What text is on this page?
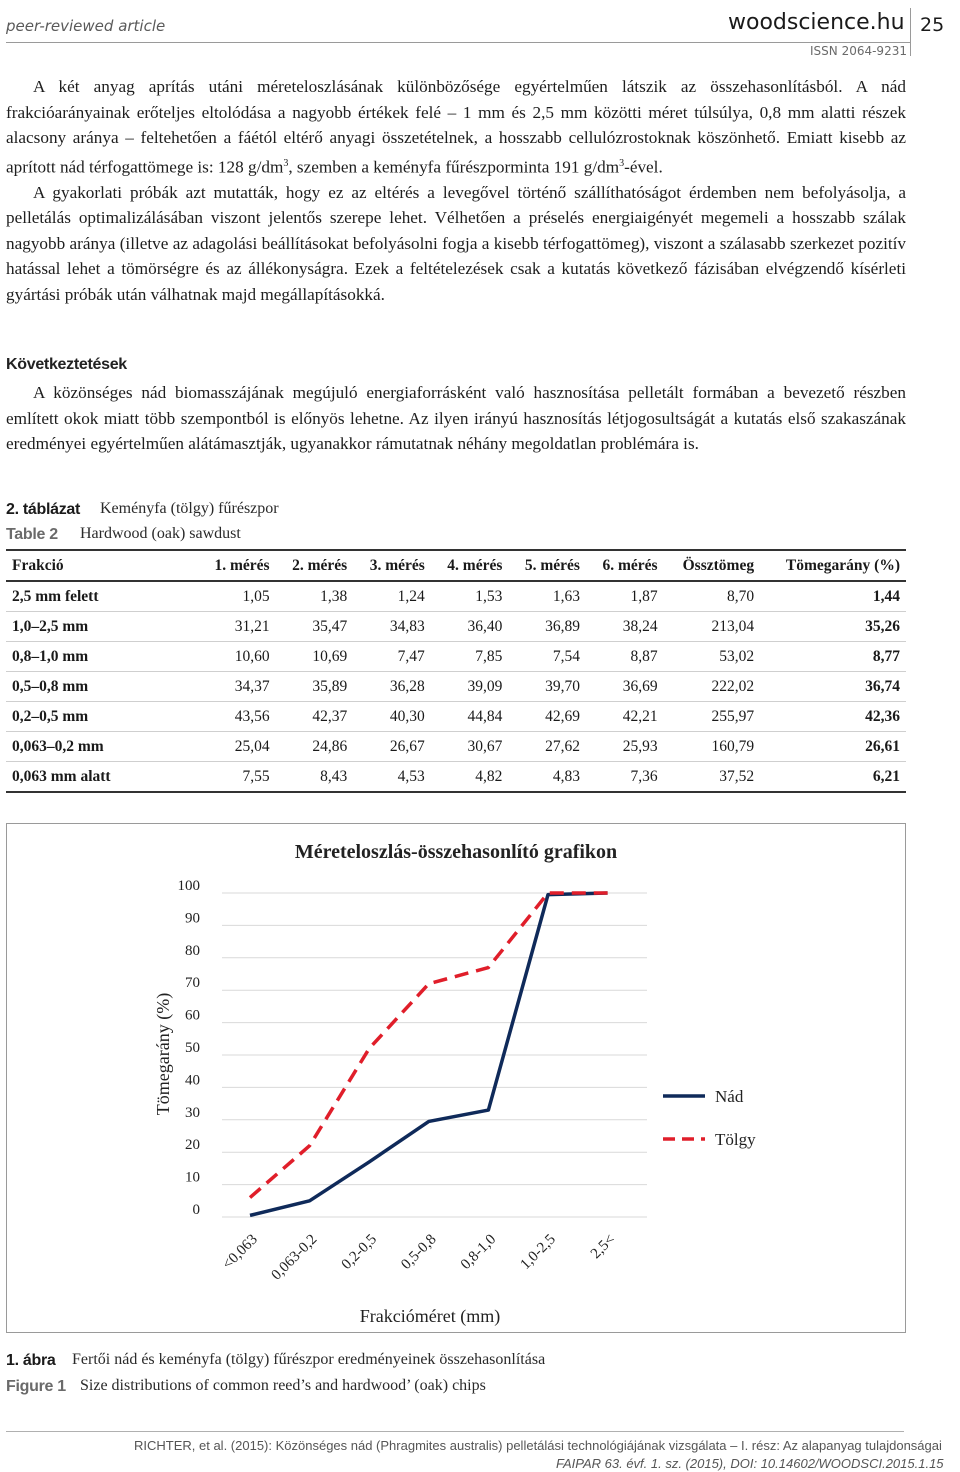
peer-reviewed article	woodscience.hu 25
ISSN 2064-9231

A két anyag aprítás utáni méreteloszlásának különbözősége egyértelműen látszik az összehasonlításból. A nád frakcióarányainak erőteljes eltolódása a nagyobb értékek felé – 1 mm és 2,5 mm közötti méret túlsúlya, 0,8 mm alatti részek alacsony aránya – feltehetően a fáétól eltérő anyagi összetételnek, a hosszabb cellulózrostoknak köszönhető. Emiatt kisebb az aprított nád térfogattömege is: 128 $g/dm^3$, szemben a keményfa fűrészporminta 191 $g/dm^3$-ével.

A gyakorlati próbák azt mutatták, hogy ez az eltérés a levegővel történő szállíthatóságot érdemben nem befolyásolja, a pelletálás optimalizálásában viszont jelentős szerepe lehet. Vélhetően a préselés energiaigényét megemeli a hosszabb szálak nagyobb aránya (illetve az adagolási beállításokat befolyásolni fogja a kisebb térfogattömeg), viszont a szálasabb szerkezet pozitív hatással lehet a tömörségre és az állékonyságra. Ezek a feltételezések csak a kutatás következő fázisában elvégzendő kísérleti gyártási próbák után válhatnak majd megállapításokká.

Következtetések

A közönséges nád biomasszájának megújuló energiaforrásként való hasznosítása pelletált formában a bevezető részben említett okok miatt több szempontból is előnyös lehetne. Az ilyen irányú hasznosítás létjogosultságát a kutatás első szakaszának eredményei egyértelműen alátámasztják, ugyanakkor rámutatnak néhány megoldatlan problémára is.

2. táblázat Keményfa (tölgy) fűrészpor
Table 2 Hardwood (oak) sawdust
Frakció	1. mérés	2. mérés	3. mérés	4. mérés	5. mérés	6. mérés	Össztömeg	Tömegarány (%)
2,5 mm felett	1,05	1,38	1,24	1,53	1,63	1,87	8,70	1,44
1,0–2,5 mm	31,21	35,47	34,83	36,40	36,89	38,24	213,04	35,26
0,8–1,0 mm	10,60	10,69	7,47	7,85	7,54	8,87	53,02	8,77
0,5–0,8 mm	34,37	35,89	36,28	39,09	39,70	36,69	222,02	36,74
0,2–0,5 mm	43,56	42,37	40,30	44,84	42,69	42,21	255,97	42,36
0,063–0,2 mm	25,04	24,86	26,67	30,67	27,62	25,93	160,79	26,61
0,063 mm alatt	7,55	8,43	4,53	4,82	4,83	7,36	37,52	6,21
Méreteloszlás-összehasonlító grafikon
0
10
20
30
40
50
60
70
80
90
100
Tömegarány (%)
<0,063 0,063-0,2 0,2-0,5 0,5-0,8 0,8-1,0 1,0-2,5 2,5<
Frakcióméret (mm)
Nád
Tölgy
1. ábra Fertői nád és keményfa (tölgy) fűrészpor eredményeinek összehasonlítása
Figure 1 Size distributions of common reed’s and hardwood’ (oak) chips
RICHTER, et al. (2015): Közönséges nád (Phragmites australis) pelletálási technológiájának vizsgálata – I. rész: Az alapanyag tulajdonságai
FAIPAR 63. évf. 1. sz. (2015), DOI: 10.14602/WOODSCI.2015.1.15
